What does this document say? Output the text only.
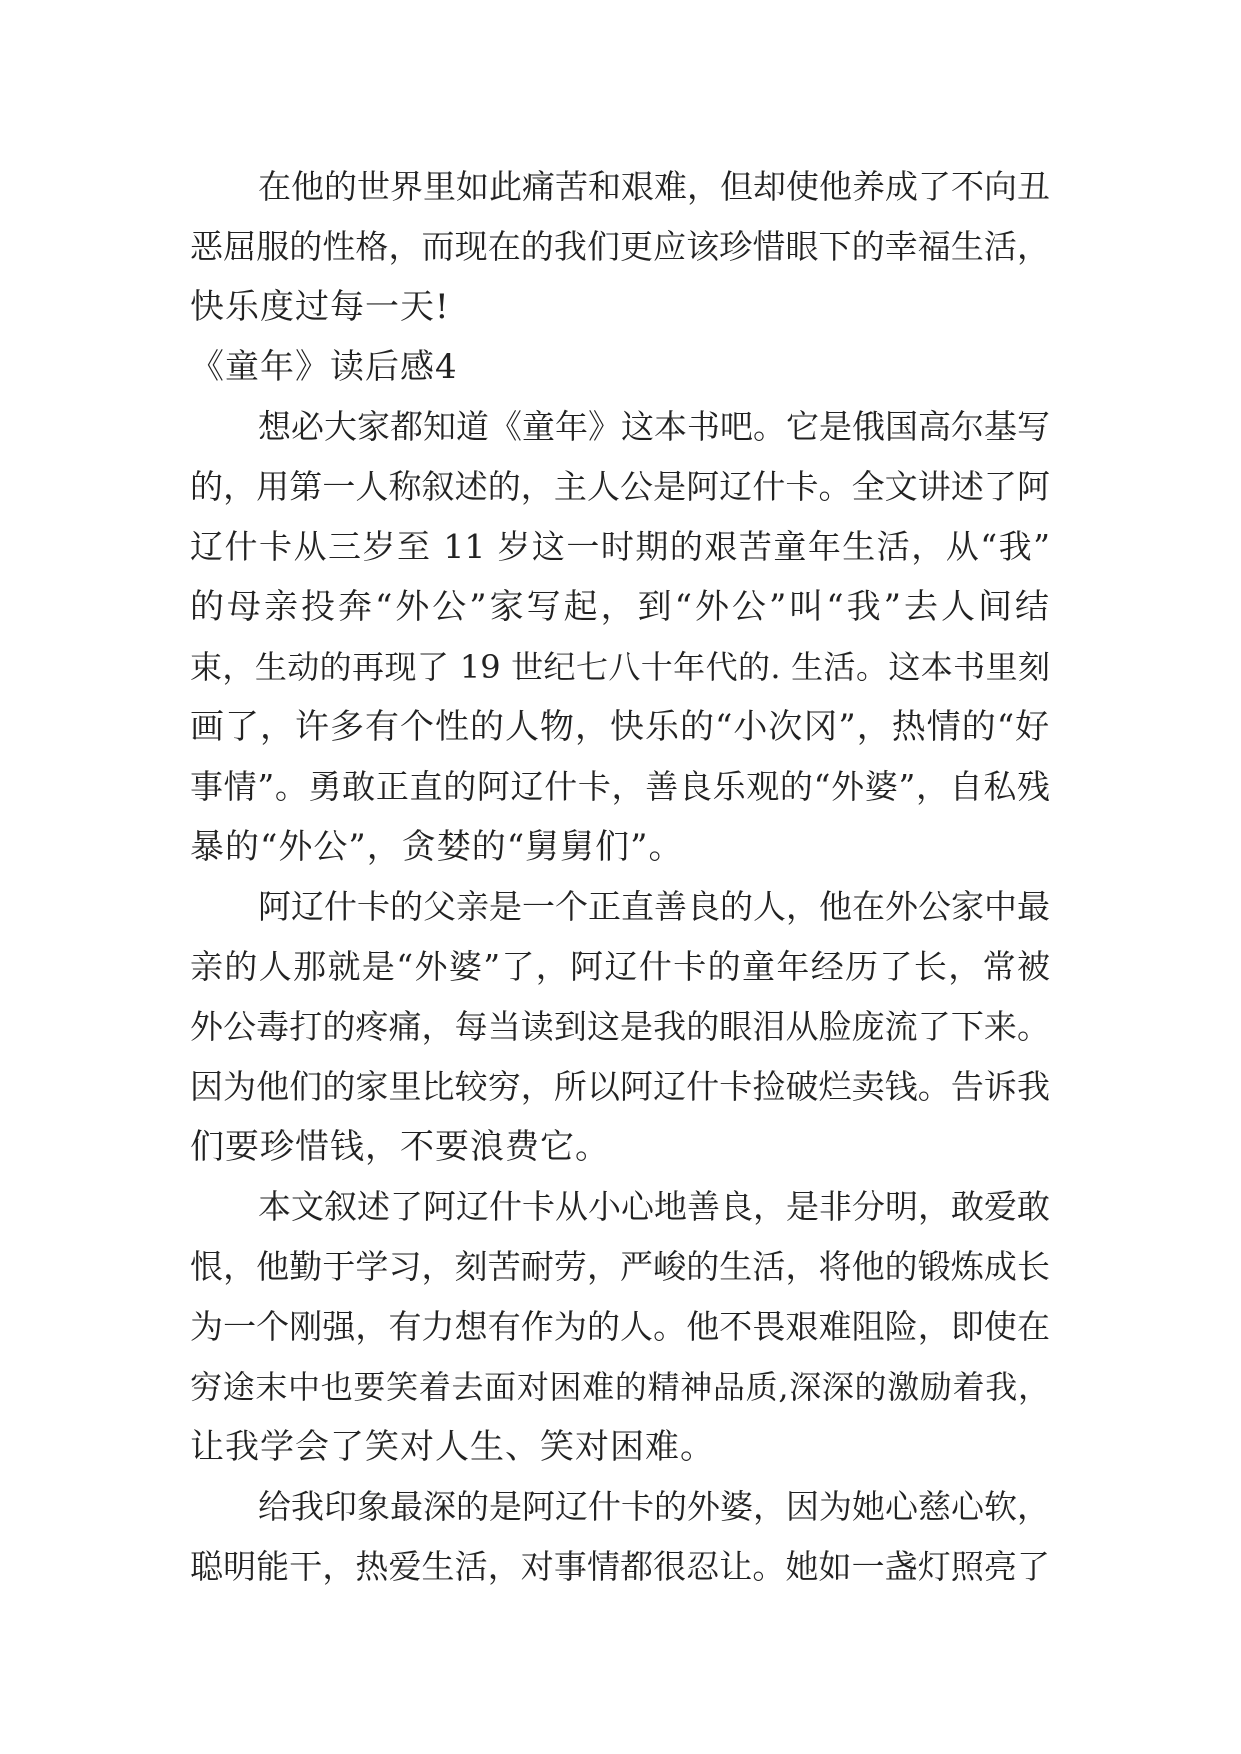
在他的世界里如此痛苦和艰难，但却使他养成了不向丑
恶屈服的性格，而现在的我们更应该珍惜眼下的幸福生活，
快乐度过每一天!
《童年》读后感4
想必大家都知道《童年》这本书吧。它是俄国高尔基写
的，用第一人称叙述的，主人公是阿辽什卡。全文讲述了阿
辽什卡从三岁至 11 岁这一时期的艰苦童年生活，从“我”
的母亲投奔“外公”家写起，到“外公”叫“我”去人间结
束，生动的再现了 19 世纪七八十年代的. 生活。这本书里刻
画了，许多有个性的人物，快乐的“小次冈”，热情的“好
事情”。勇敢正直的阿辽什卡，善良乐观的“外婆”，自私残
暴的“外公”，贪婪的“舅舅们”。
阿辽什卡的父亲是一个正直善良的人，他在外公家中最
亲的人那就是“外婆”了，阿辽什卡的童年经历了长，常被
外公毒打的疼痛，每当读到这是我的眼泪从脸庞流了下来。
因为他们的家里比较穷，所以阿辽什卡捡破烂卖钱。告诉我
们要珍惜钱，不要浪费它。
本文叙述了阿辽什卡从小心地善良，是非分明，敢爱敢
恨，他勤于学习，刻苦耐劳，严峻的生活，将他的锻炼成长
为一个刚强，有力想有作为的人。他不畏艰难阻险，即使在
穷途末中也要笑着去面对困难的精神品质,深深的激励着我，
让我学会了笑对人生、笑对困难。
给我印象最深的是阿辽什卡的外婆，因为她心慈心软，
聪明能干，热爱生活，对事情都很忍让。她如一盏灯照亮了
